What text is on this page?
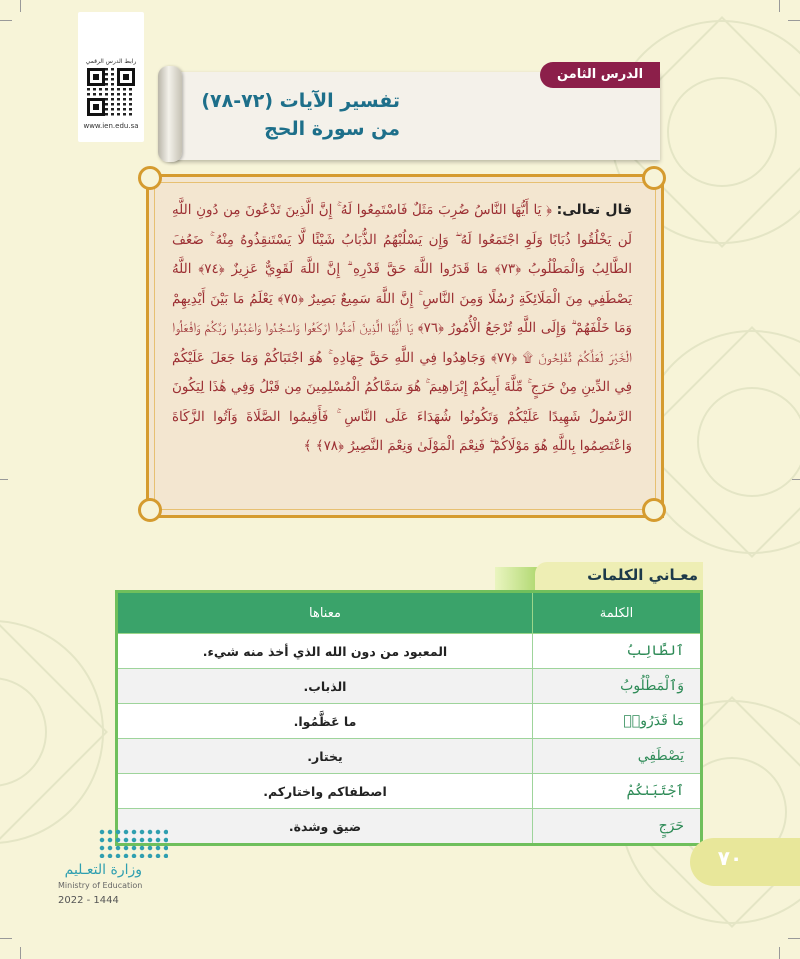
رابط الدرس الرقمي
www.ien.edu.sa
الدرس الثامن
تفسير الآيات (٧٢-٧٨)
من سورة الحج
قال تعالى: ﴿ يَا أَيُّهَا النَّاسُ ضُرِبَ مَثَلٌ فَاسْتَمِعُوا لَهُ ۚ إِنَّ الَّذِينَ تَدْعُونَ مِن دُونِ اللَّهِ لَن يَخْلُقُوا ذُبَابًا وَلَوِ اجْتَمَعُوا لَهُ ۖ وَإِن يَسْلُبْهُمُ الذُّبَابُ شَيْئًا لَّا يَسْتَنقِذُوهُ مِنْهُ ۚ ضَعُفَ الطَّالِبُ وَالْمَطْلُوبُ ﴿٧٣﴾ مَا قَدَرُوا اللَّهَ حَقَّ قَدْرِهِ ۗ إِنَّ اللَّهَ لَقَوِيٌّ عَزِيزٌ ﴿٧٤﴾ اللَّهُ يَصْطَفِي مِنَ الْمَلَائِكَةِ رُسُلًا وَمِنَ النَّاسِ ۚ إِنَّ اللَّهَ سَمِيعٌ بَصِيرٌ ﴿٧٥﴾ يَعْلَمُ مَا بَيْنَ أَيْدِيهِمْ وَمَا خَلْفَهُمْ ۗ وَإِلَى اللَّهِ تُرْجَعُ الْأُمُورُ ﴿٧٦﴾ يَا أَيُّهَا الَّذِينَ آمَنُوا ارْكَعُوا وَاسْجُدُوا وَاعْبُدُوا رَبَّكُمْ وَافْعَلُوا الْخَيْرَ لَعَلَّكُمْ تُفْلِحُونَ ۩ ﴿٧٧﴾ وَجَاهِدُوا فِي اللَّهِ حَقَّ جِهَادِهِ ۚ هُوَ اجْتَبَاكُمْ وَمَا جَعَلَ عَلَيْكُمْ فِي الدِّينِ مِنْ حَرَجٍ ۚ مِّلَّةَ أَبِيكُمْ إِبْرَاهِيمَ ۚ هُوَ سَمَّاكُمُ الْمُسْلِمِينَ مِن قَبْلُ وَفِي هَٰذَا لِيَكُونَ الرَّسُولُ شَهِيدًا عَلَيْكُمْ وَتَكُونُوا شُهَدَاءَ عَلَى النَّاسِ ۚ فَأَقِيمُوا الصَّلَاةَ وَآتُوا الزَّكَاةَ وَاعْتَصِمُوا بِاللَّهِ هُوَ مَوْلَاكُمْ ۖ فَنِعْمَ الْمَوْلَىٰ وَنِعْمَ النَّصِيرُ ﴿٧٨﴾ ﴾
معـاني الكلمات
الكلمة	معناها
ٱلطَّالِبُ	المعبود من دون الله الذي أخذ منه شيء.
وَٱلْمَطْلُوبُ	الذباب.
مَا قَدَرُوا۟	ما عَظَّمُوا.
يَصْطَفِي	يختار.
ٱجْتَبَىٰكُمْ	اصطفاكم واختاركم.
حَرَجٍ	ضيق وشدة.
٧٠
وزارة التعـليم
Ministry of Education
2022 - 1444
